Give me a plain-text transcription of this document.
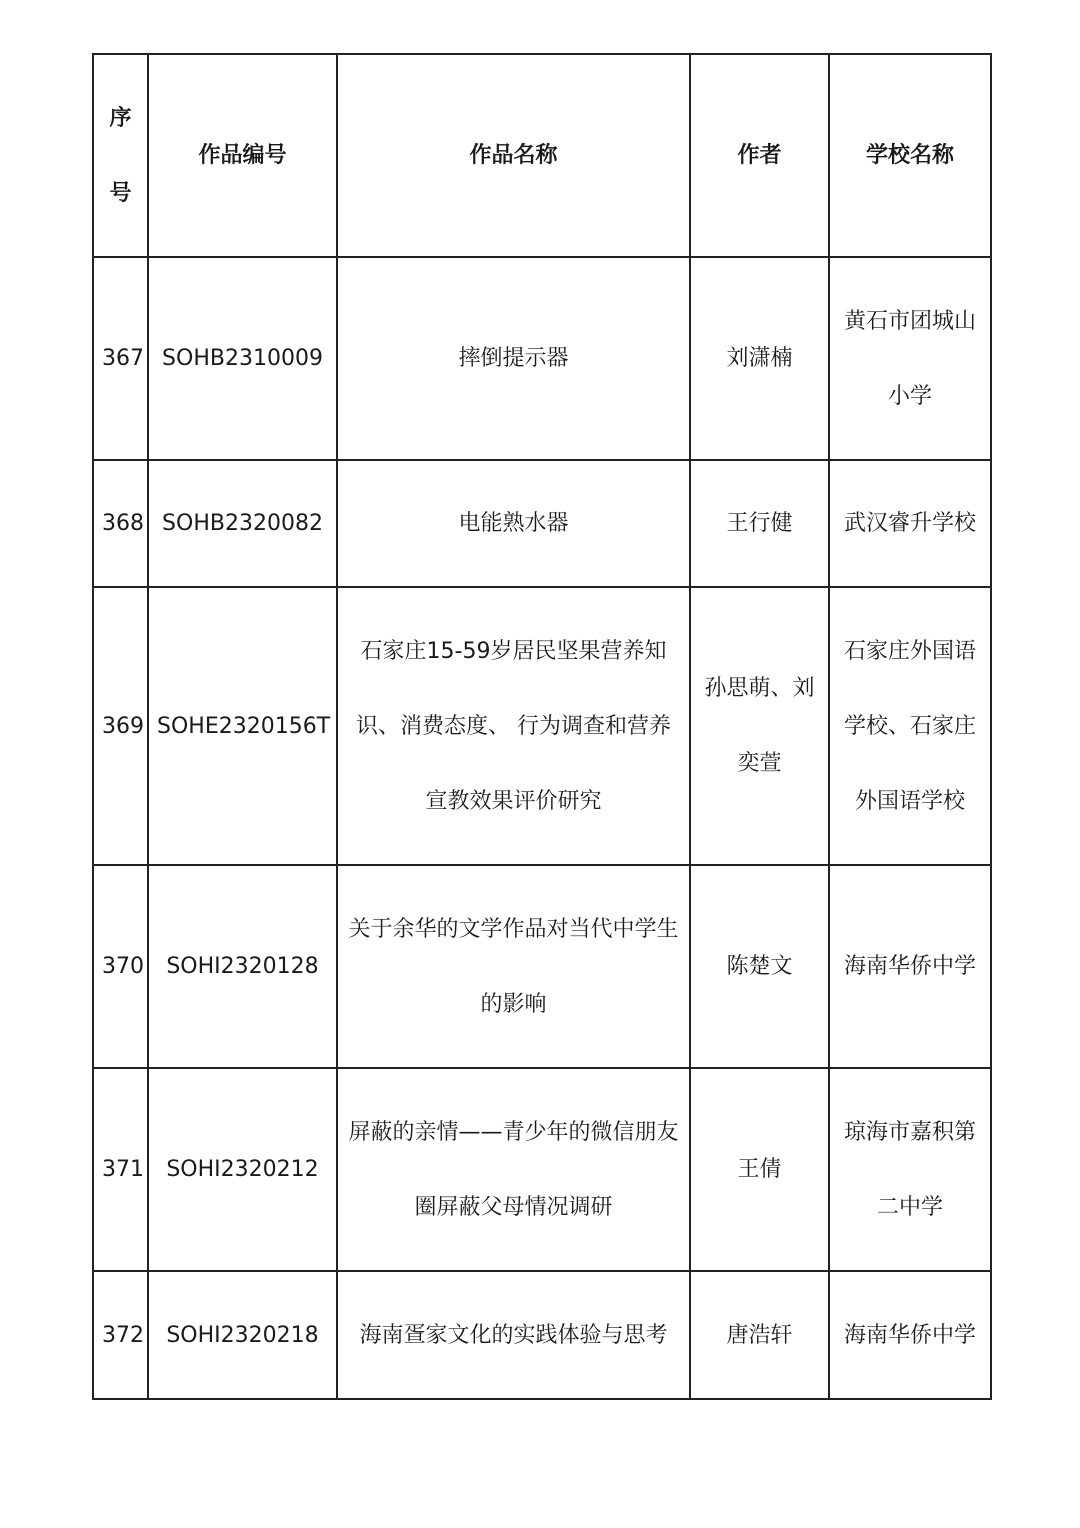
序
号	作品编号	作品名称	作者	学校名称
367	SOHB2310009	摔倒提示器	刘潇楠	黄石市团城山小学
368	SOHB2320082	电能熟水器	王行健	武汉睿升学校
369	SOHE2320156T	石家庄15-59岁居民坚果营养知识、消费态度、 行为调查和营养宣教效果评价研究	孙思萌、刘奕萱	石家庄外国语学校、石家庄外国语学校
370	SOHI2320128	关于余华的文学作品对当代中学生的影响	陈楚文	海南华侨中学
371	SOHI2320212	屏蔽的亲情——青少年的微信朋友圈屏蔽父母情况调研	王倩	琼海市嘉积第二中学
372	SOHI2320218	海南疍家文化的实践体验与思考	唐浩轩	海南华侨中学
